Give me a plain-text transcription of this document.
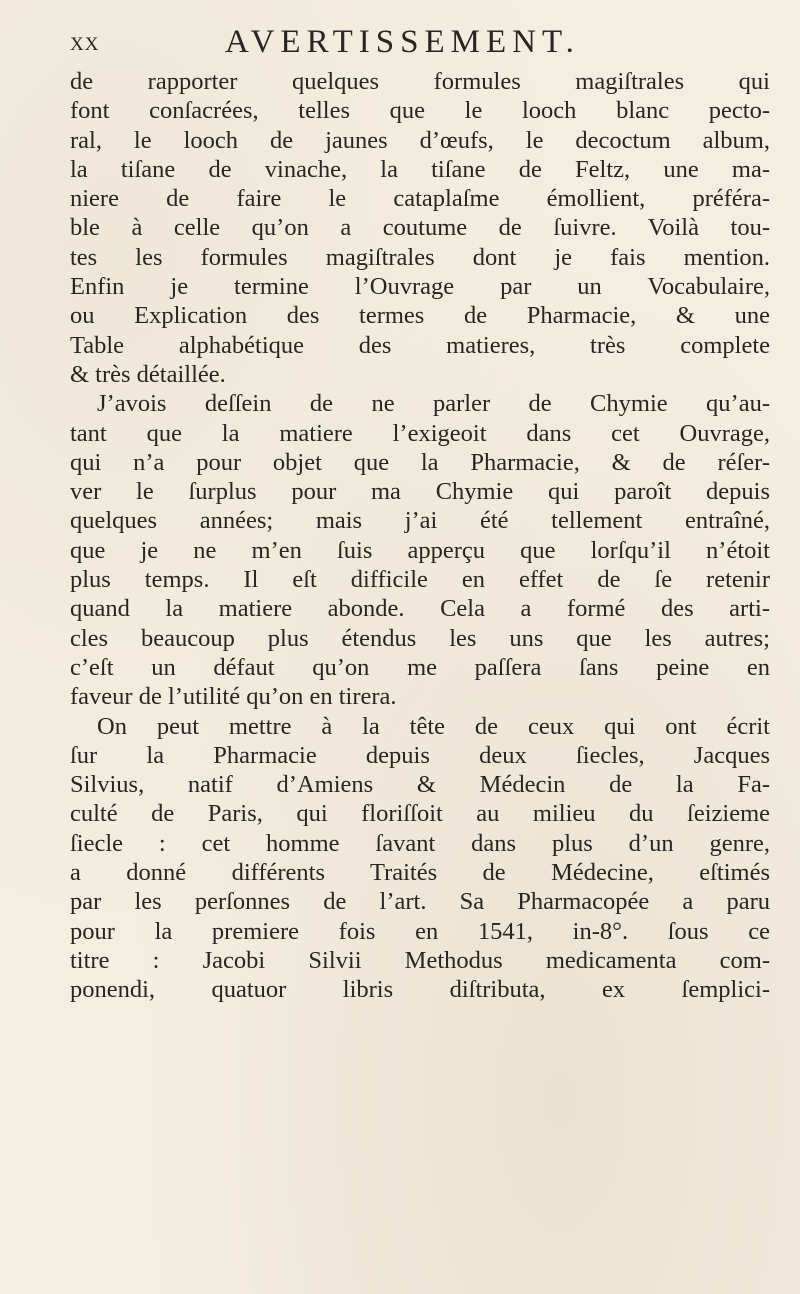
XX	AVERTISSEMENT.
de rapporter quelques formules magiſtrales qui
font conſacrées, telles que le looch blanc pecto-
ral, le looch de jaunes d’œufs, le decoctum album,
la tiſane de vinache, la tiſane de Feltz, une ma-
niere de faire le cataplaſme émollient, préféra-
ble à celle qu’on a coutume de ſuivre. Voilà tou-
tes les formules magiſtrales dont je fais mention.
Enfin je termine l’Ouvrage par un Vocabulaire,
ou Explication des termes de Pharmacie, & une
Table alphabétique des matieres, très complete
& très détaillée.
J’avois deſſein de ne parler de Chymie qu’au-
tant que la matiere l’exigeoit dans cet Ouvrage,
qui n’a pour objet que la Pharmacie, & de réſer-
ver le ſurplus pour ma Chymie qui paroît depuis
quelques années; mais j’ai été tellement entraîné,
que je ne m’en ſuis apperçu que lorſqu’il n’étoit
plus temps. Il eſt difficile en effet de ſe retenir
quand la matiere abonde. Cela a formé des arti-
cles beaucoup plus étendus les uns que les autres;
c’eſt un défaut qu’on me paſſera ſans peine en
faveur de l’utilité qu’on en tirera.
On peut mettre à la tête de ceux qui ont écrit
ſur la Pharmacie depuis deux ſiecles, Jacques
Silvius, natif d’Amiens & Médecin de la Fa-
culté de Paris, qui floriſſoit au milieu du ſeizieme
ſiecle : cet homme ſavant dans plus d’un genre,
a donné différents Traités de Médecine, eſtimés
par les perſonnes de l’art. Sa Pharmacopée a paru
pour la premiere fois en 1541, in-8°. ſous ce
titre : Jacobi Silvii Methodus medicamenta com-
ponendi, quatuor libris diſtributa, ex ſemplici-
